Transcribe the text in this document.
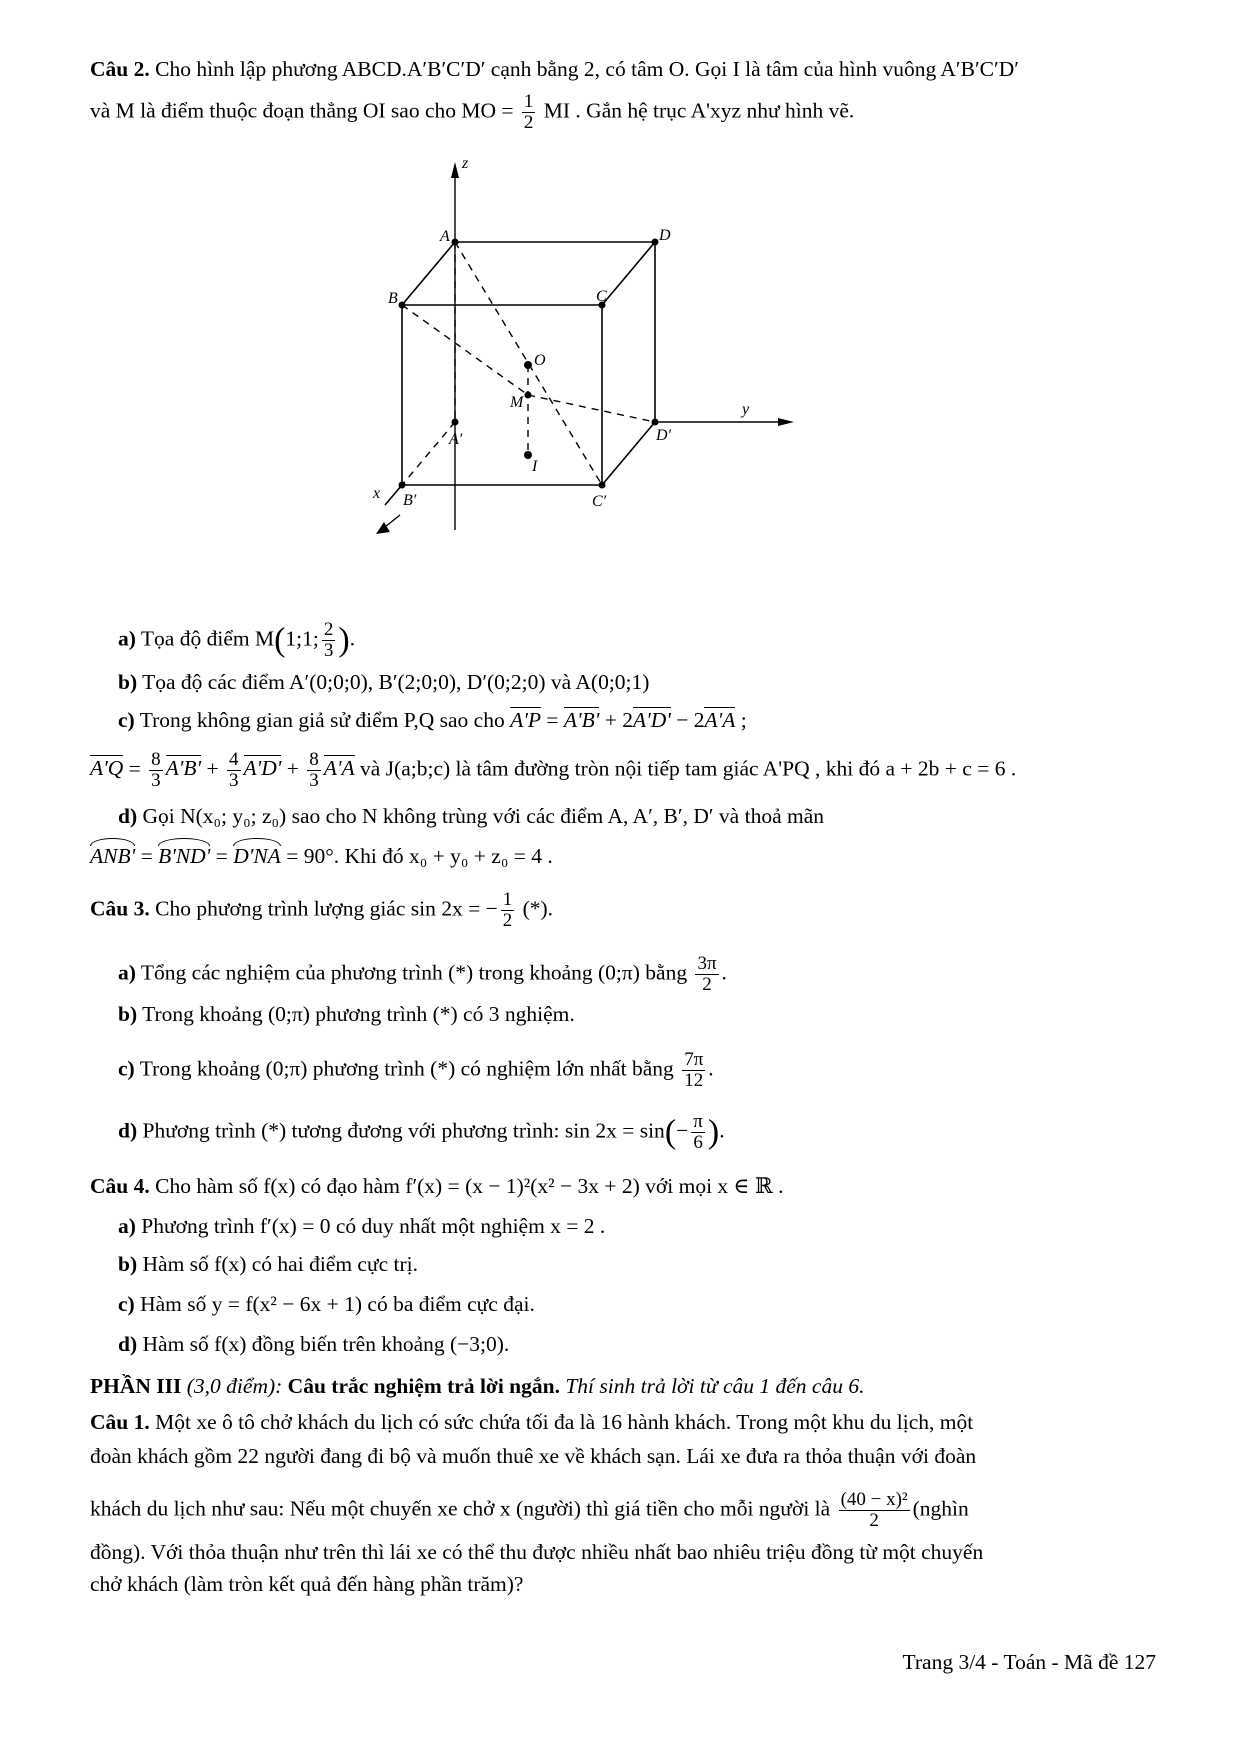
Câu 2. Cho hình lập phương ABCD.A′B′C′D′ cạnh bằng 2, có tâm O. Gọi I là tâm của hình vuông A′B′C′D′
và M là điểm thuộc đoạn thẳng OI sao cho MO = $\frac{1}{2}$ MI . Gắn hệ trục A'xyz như hình vẽ.
z
y
x
A	D
B	C
O
M
A′	D′
I
B′	C′
a) Tọa độ điểm M(1;1; $\frac{2}{3}$ ).
b) Tọa độ các điểm A′(0;0;0), B′(2;0;0), D′(0;2;0) và A(0;0;1)
c) Trong không gian giả sử điểm P,Q sao cho A'P = A'B' + 2A'D' − 2A'A ;
$A'Q = \frac{8}{3} A'B' + \frac{4}{3} A'D' + \frac{8}{3} A'A$ và J(a;b;c) là tâm đường tròn nội tiếp tam giác A'PQ , khi đó a + 2b + c = 6 .
d) Gọi N(x₀; y₀; z₀) sao cho N không trùng với các điểm A, A′, B′, D′ và thoả mãn
ANB' = B'ND' = D'NA = 90°. Khi đó x₀ + y₀ + z₀ = 4 .
Câu 3. Cho phương trình lượng giác sin 2x = − $\frac{1}{2}$ (*).
a) Tổng các nghiệm của phương trình (*) trong khoảng (0;π) bằng $\frac{3\pi}{2}$ .
b) Trong khoảng (0;π) phương trình (*) có 3 nghiệm.
c) Trong khoảng (0;π) phương trình (*) có nghiệm lớn nhất bằng $\frac{7\pi}{12}$ .
d) Phương trình (*) tương đương với phương trình: $\sin 2x = \sin(- \frac{\pi}{6}$ ).
Câu 4. Cho hàm số f(x) có đạo hàm f′(x) = (x − 1)²(x² − 3x + 2) với mọi x ∈ ℝ .
a) Phương trình f′(x) = 0 có duy nhất một nghiệm x = 2 .
b) Hàm số f(x) có hai điểm cực trị.
c) Hàm số y = f(x² − 6x + 1) có ba điểm cực đại.
d) Hàm số f(x) đồng biến trên khoảng (−3;0).
PHẦN III (3,0 điểm): Câu trắc nghiệm trả lời ngắn. Thí sinh trả lời từ câu 1 đến câu 6.
Câu 1. Một xe ô tô chở khách du lịch có sức chứa tối đa là 16 hành khách. Trong một khu du lịch, một
đoàn khách gồm 22 người đang đi bộ và muốn thuê xe về khách sạn. Lái xe đưa ra thỏa thuận với đoàn
khách du lịch như sau: Nếu một chuyến xe chở x (người) thì giá tiền cho mỗi người là $\frac{\text{(40 − x)²}}{2}$ (nghìn
đồng). Với thỏa thuận như trên thì lái xe có thể thu được nhiều nhất bao nhiêu triệu đồng từ một chuyến
chở khách (làm tròn kết quả đến hàng phần trăm)?
Trang 3/4 - Toán - Mã đề 127
